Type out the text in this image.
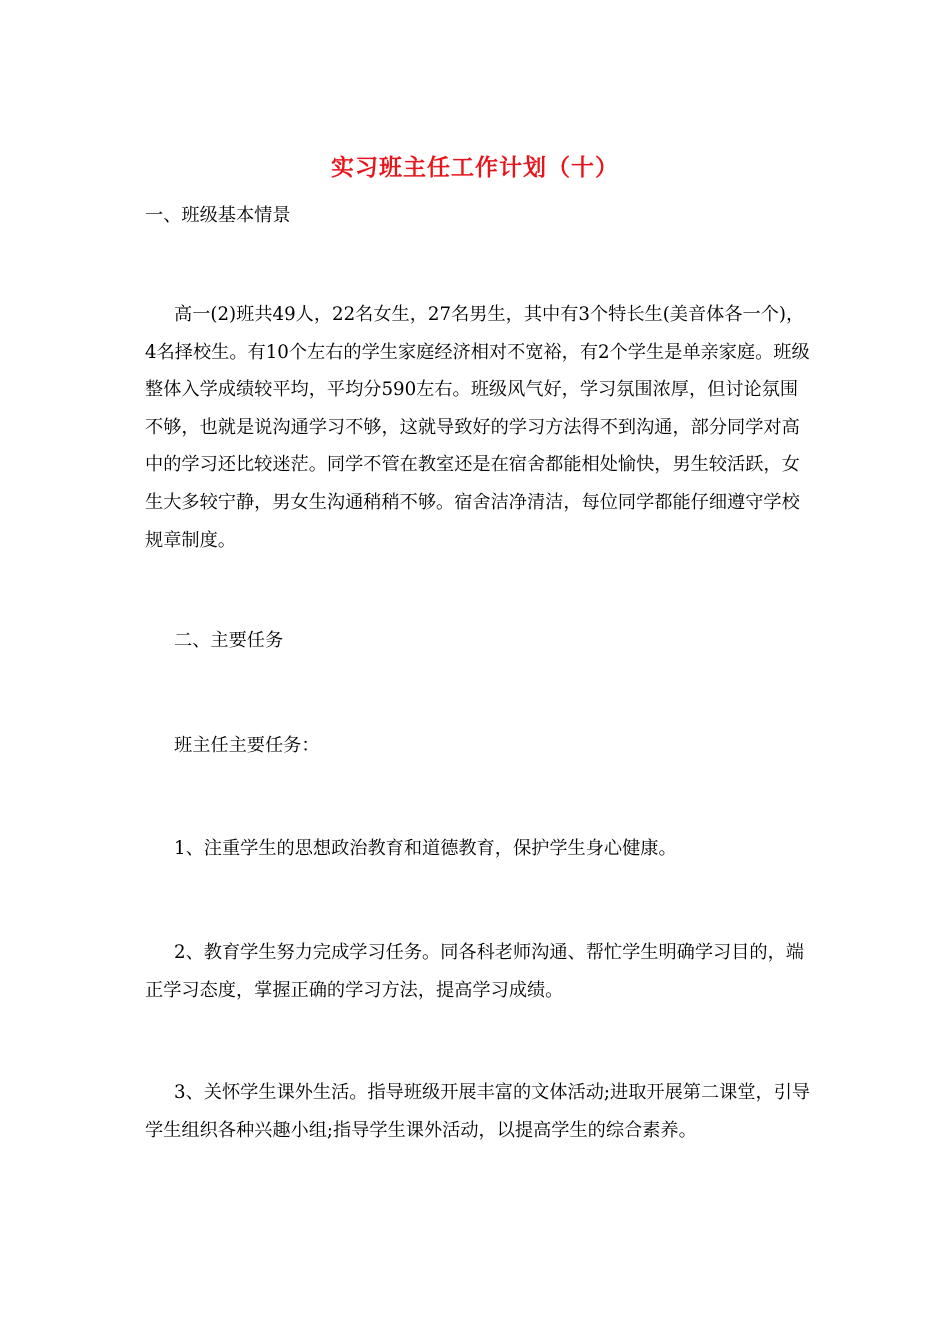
实习班主任工作计划（十）

一、班级基本情景

高一(2)班共49人，22名女生，27名男生，其中有3个特长生(美音体各一个)，4名择校生。有10个左右的学生家庭经济相对不宽裕，有2个学生是单亲家庭。班级整体入学成绩较平均，平均分590左右。班级风气好，学习氛围浓厚，但讨论氛围不够，也就是说沟通学习不够，这就导致好的学习方法得不到沟通，部分同学对高中的学习还比较迷茫。同学不管在教室还是在宿舍都能相处愉快，男生较活跃，女生大多较宁静，男女生沟通稍稍不够。宿舍洁净清洁，每位同学都能仔细遵守学校规章制度。

二、主要任务

班主任主要任务：

1、注重学生的思想政治教育和道德教育，保护学生身心健康。

2、教育学生努力完成学习任务。同各科老师沟通、帮忙学生明确学习目的，端正学习态度，掌握正确的学习方法，提高学习成绩。

3、关怀学生课外生活。指导班级开展丰富的文体活动;进取开展第二课堂，引导学生组织各种兴趣小组;指导学生课外活动，以提高学生的综合素养。
